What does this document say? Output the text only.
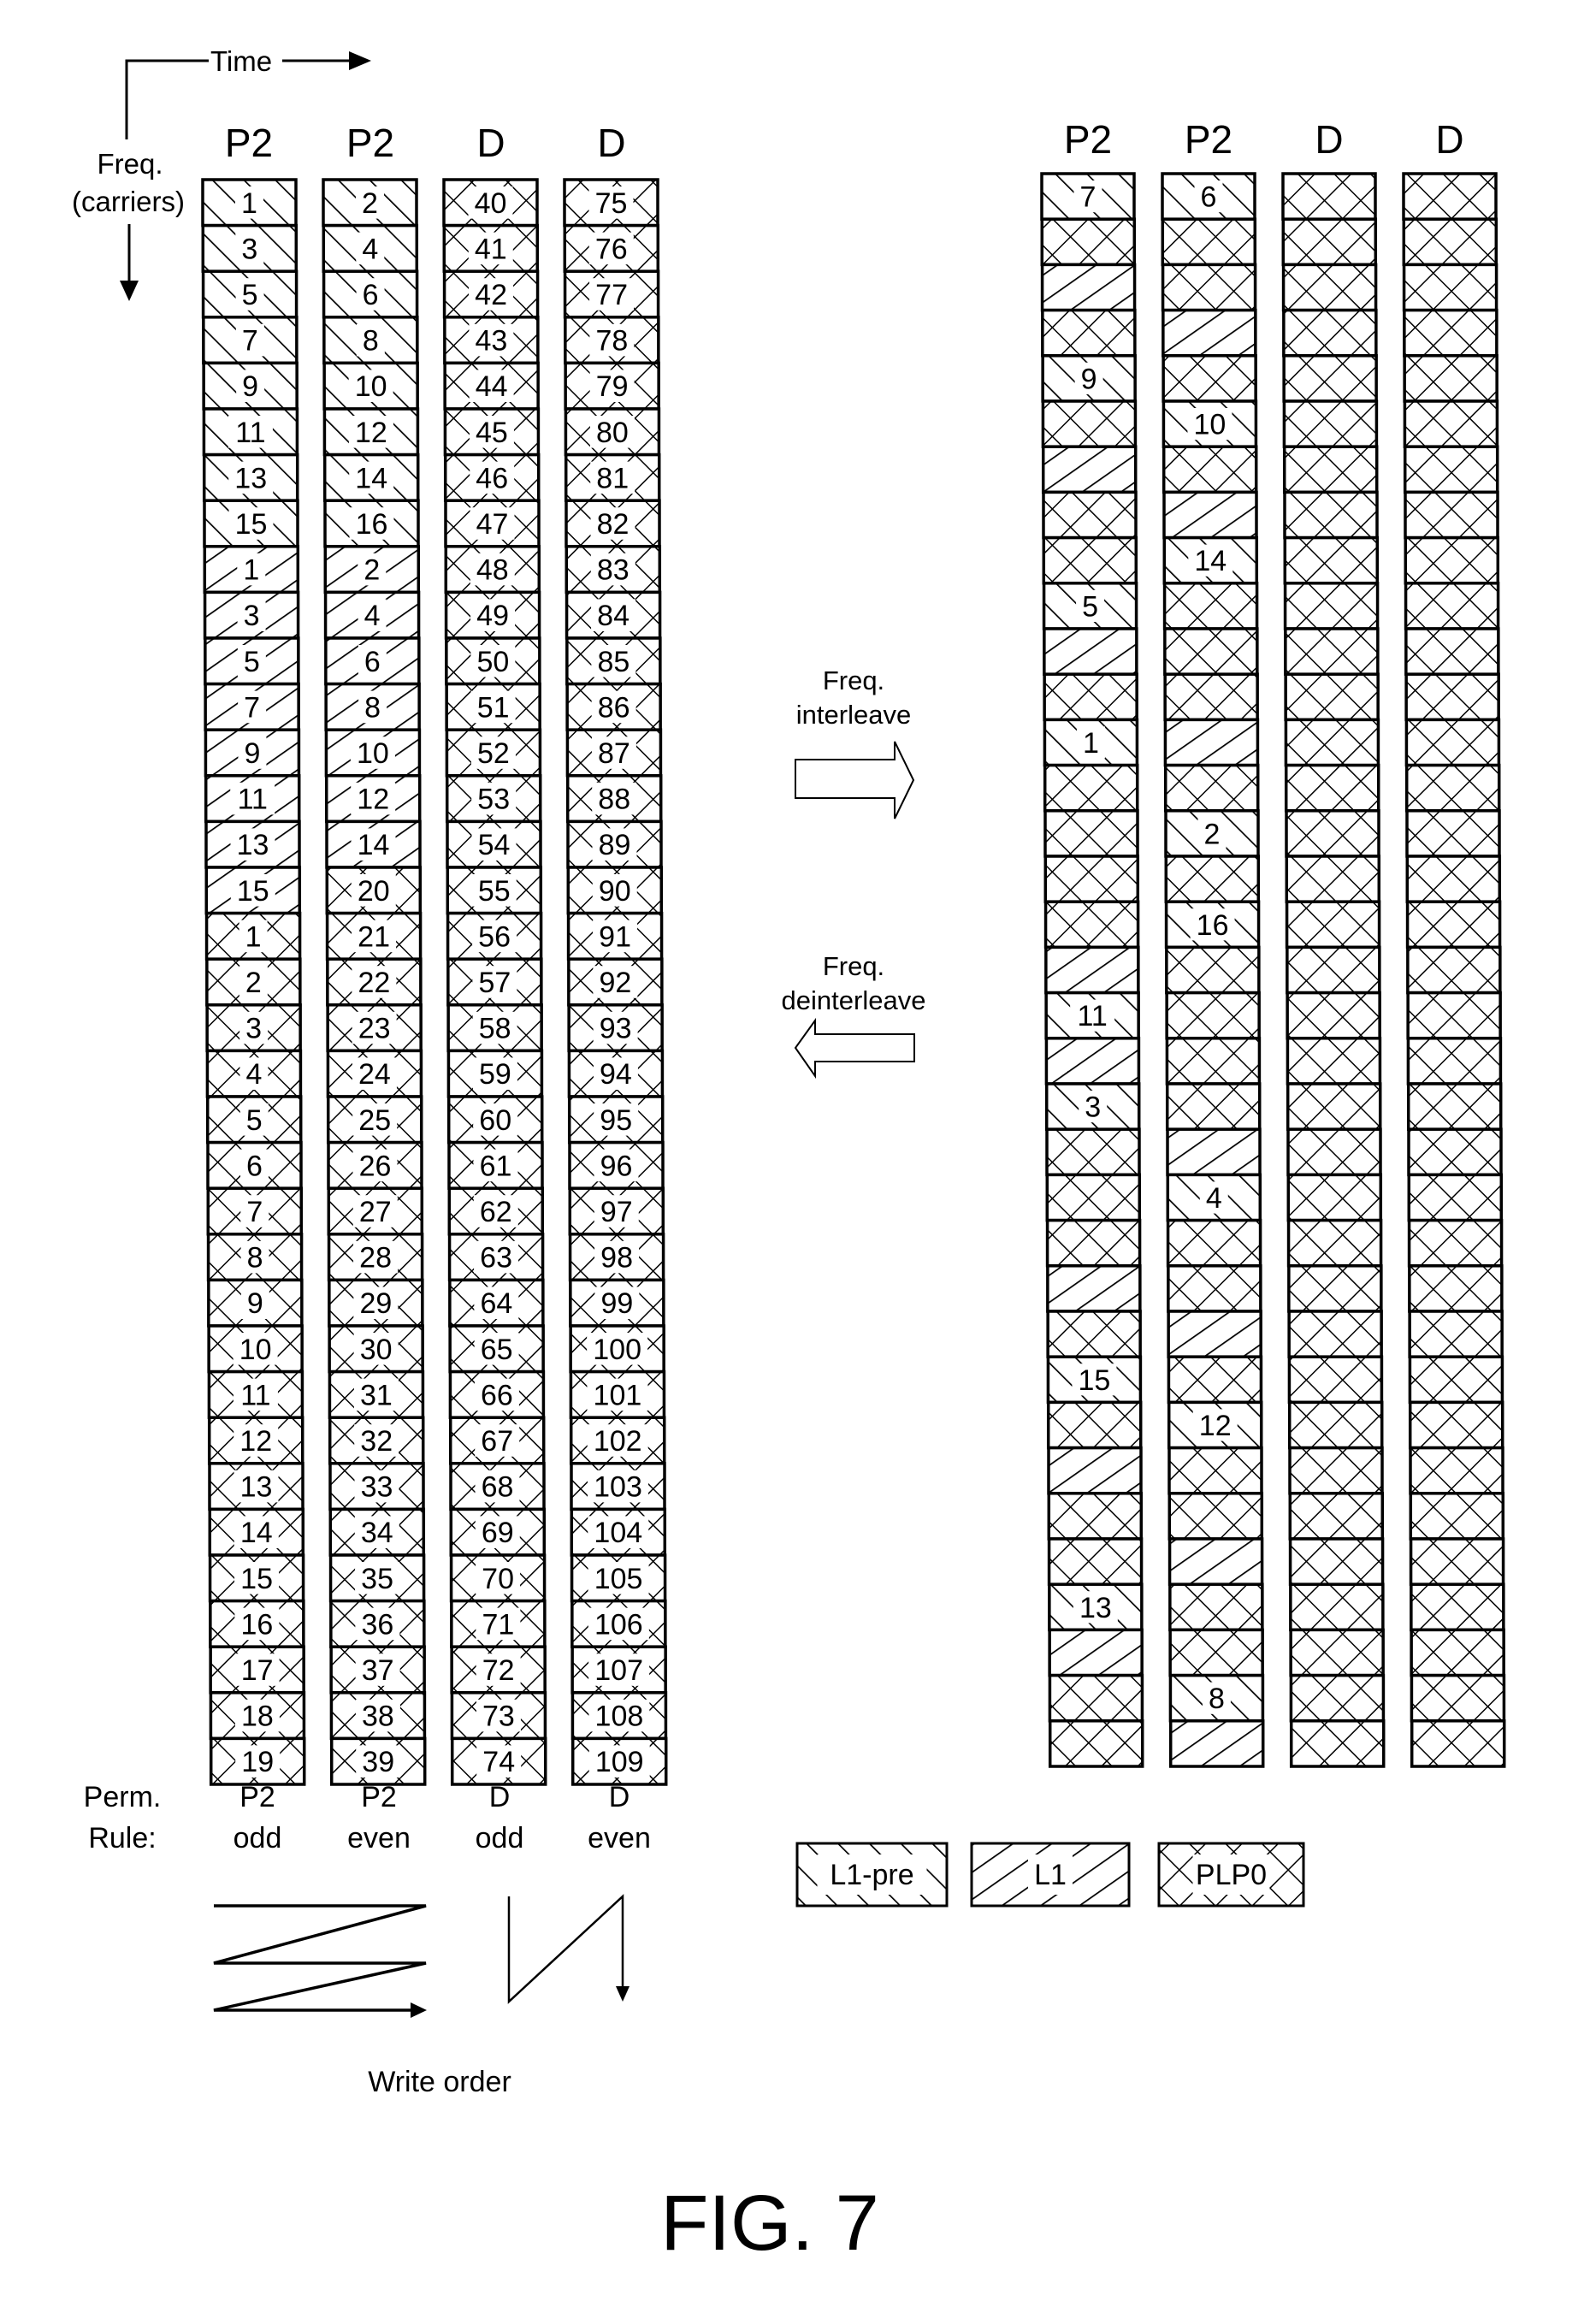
Time
Freq.
(carriers)
P2 P2 D D
1
3
5
7
9
11
13
15
1
3
5
7
9
11
13
15
1
2
3
4
5
6
7
8
9
10
11
12
13
14
15
16
17
18
19
2
4
6
8
10
12
14
16
2
4
6
8
10
12
14
20
21
22
23
24
25
26
27
28
29
30
31
32
33
34
35
36
37
38
39
40
41
42
43
44
45
46
47
48
49
50
51
52
53
54
55
56
57
58
59
60
61
62
63
64
65
66
67
68
69
70
71
72
73
74
75
76
77
78
79
80
81
82
83
84
85
86
87
88
89
90
91
92
93
94
95
96
97
98
99
100
101
102
103
104
105
106
107
108
109
P2 P2 D D
7
9
5
1
11
3
15
13
6
10
14
2
16
4
12
8
Freq.
interleave
Freq.
deinterleave
Perm.
Rule:
P2
odd
P2
even
D
odd
D
even
Write order
L1-pre	L1	PLP0
FIG. 7
